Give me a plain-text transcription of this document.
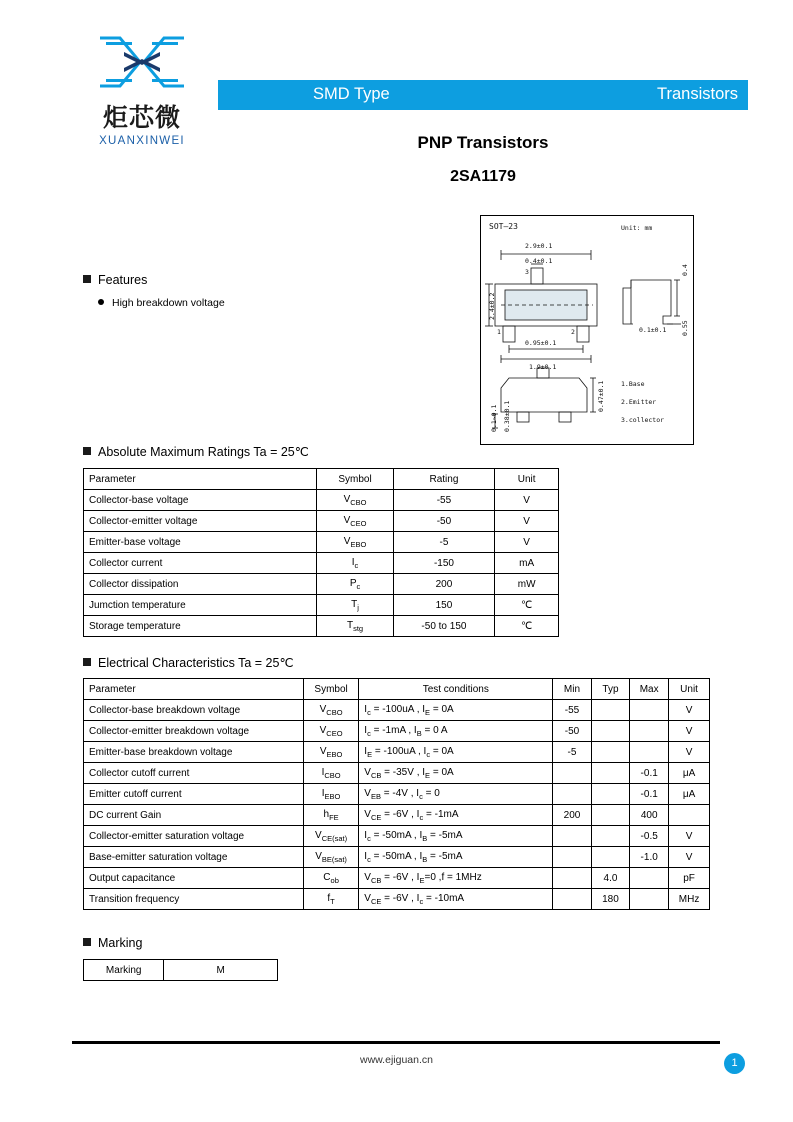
炬芯微
XUANXINWEI
SMD Type	Transistors
PNP Transistors
2SA1179
Features
High breakdown voltage
SOT–23	Unit: mm
2.9±0.1
0.4±0.1
2.4±0.2
0.95±0.1
1.9±0.1
0.4
0.55
0.1±0.1
0.47±0.1
0.38±0.1
0.1~0.1
1	2
3
1.Base
2.Emitter
3.collector
Absolute Maximum Ratings Ta = 25℃
Parameter	Symbol	Rating	Unit
Collector-base voltage	$V_{CBO}$	-55	V
Collector-emitter voltage	$V_{CEO}$	-50	V
Emitter-base voltage	$V_{EBO}$	-5	V
Collector current	$I_c$	-150	mA
Collector dissipation	$P_c$	200	mW
Jumction temperature	$T_j$	150	℃
Storage temperature	$T_{stg}$	-50 to 150	℃
Electrical Characteristics Ta = 25℃
Parameter	Symbol	Test conditions	Min	Typ	Max	Unit
Collector-base breakdown voltage	$V_{CBO}$	$I_c = -100uA$ , $I_E = 0A$	-55			V
Collector-emitter breakdown voltage	$V_{CEO}$	$I_c = -1mA$ , $I_B = 0$ A	-50			V
Emitter-base breakdown voltage	$V_{EBO}$	$I_E = -100uA$ , $I_c = 0A$	-5			V
Collector cutoff current	$I_{CBO}$	$V_{CB} = -35V$ , $I_E = 0A$			-0.1	μA
Emitter cutoff current	$I_{EBO}$	$V_{EB} = -4V$ , $I_c = 0$			-0.1	μA
DC current Gain	$h_{FE}$	$V_{CE} = -6V$ , $I_c = -1mA$	200		400	
Collector-emitter saturation voltage	$V_{CE(sat)}$	$I_c = -50mA$ , $I_B = -5mA$			-0.5	V
Base-emitter saturation voltage	$V_{BE(sat)}$	$I_c = -50mA$ , $I_B = -5mA$			-1.0	V
Output capacitance	$C_{ob}$	$V_{CB} = -6V$ , $I_E=0$ ,f = 1MHz		4.0		pF
Transition frequency	$f_T$	$V_{CE} = -6V$ , $I_c = -10mA$		180		MHz
Marking
Marking	M
www.ejiguan.cn	1
